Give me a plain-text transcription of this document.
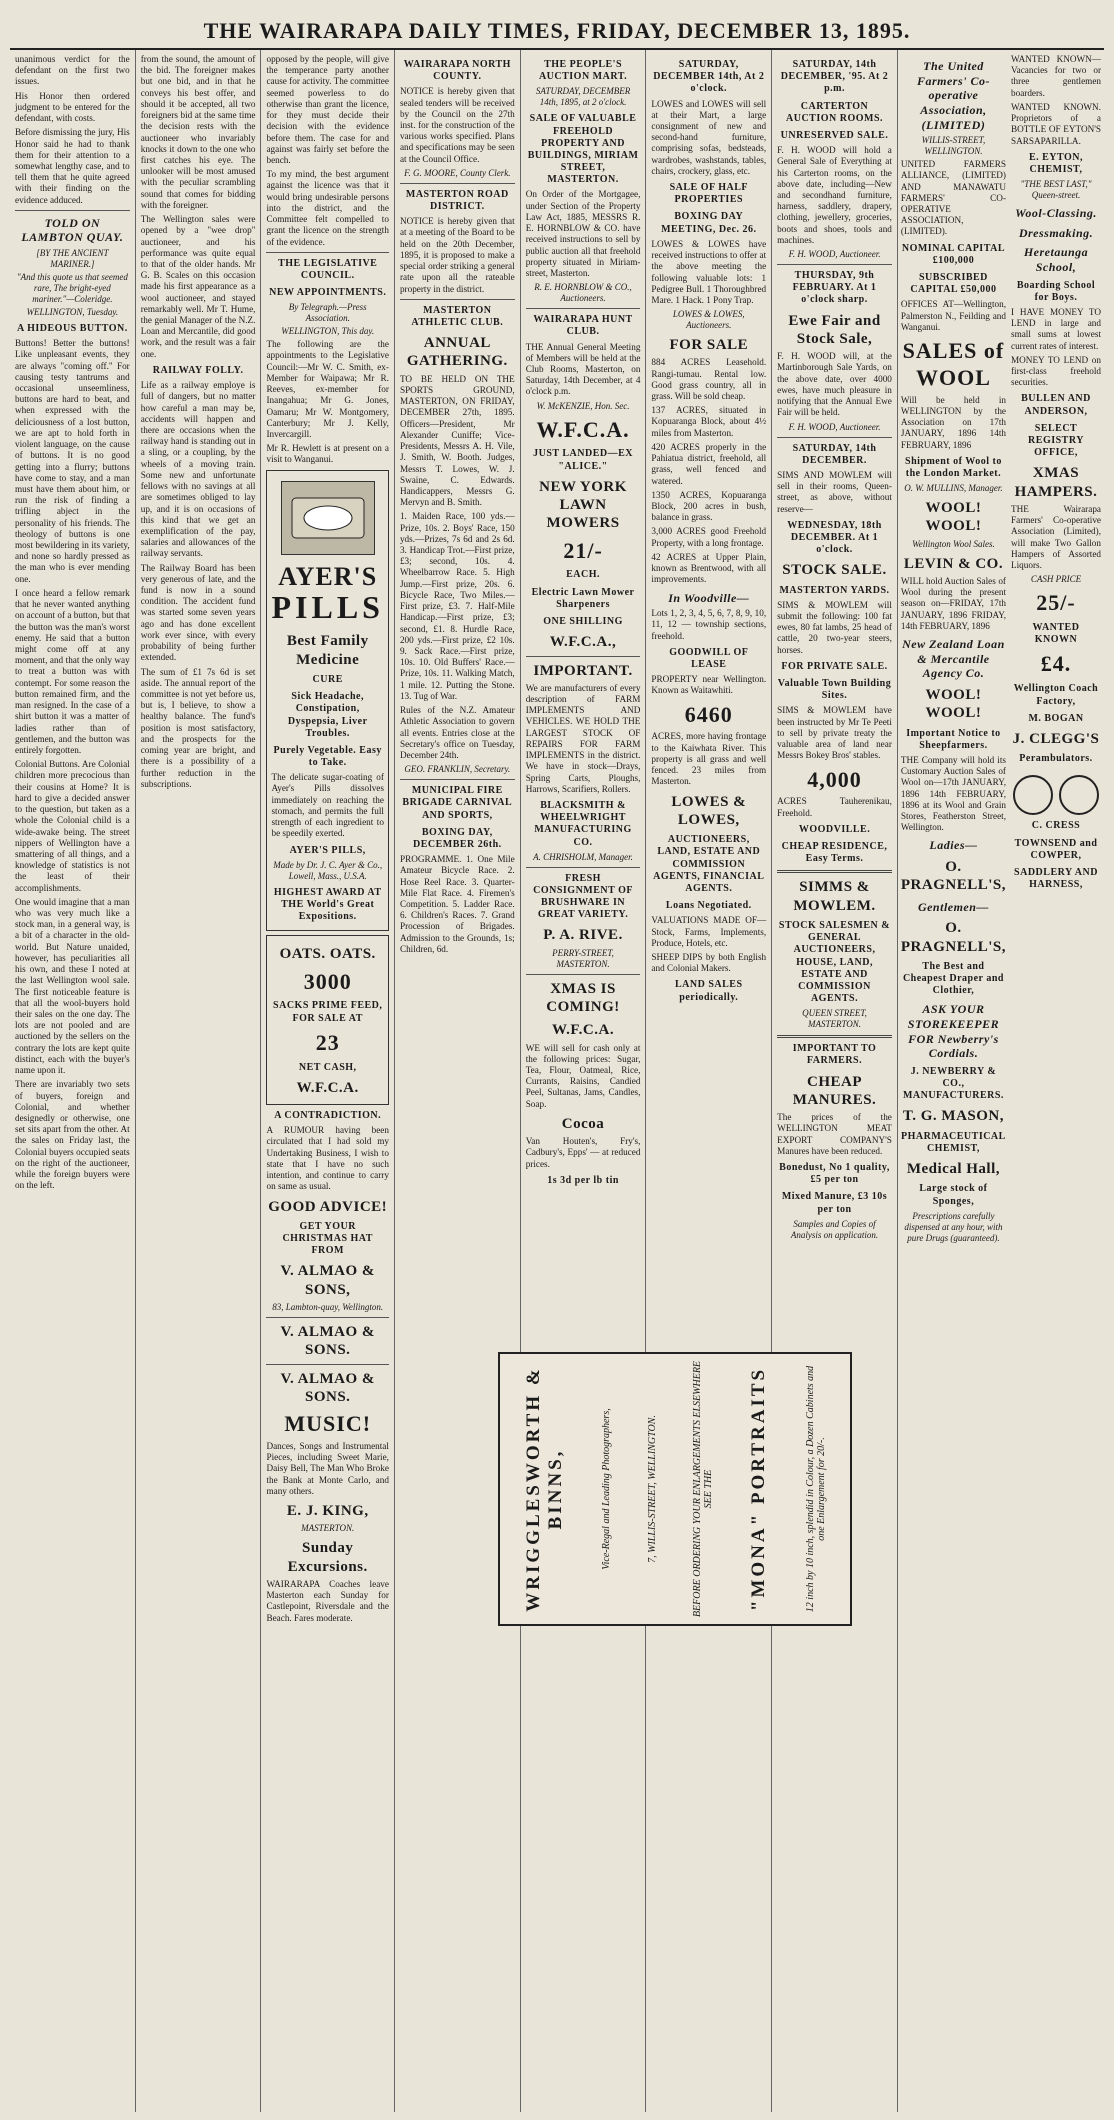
THE WAIRARAPA DAILY TIMES, FRIDAY, DECEMBER 13, 1895.

unanimous verdict for the defendant on the first two issues.

His Honor then ordered judgment to be entered for the defendant, with costs.

Before dismissing the jury, His Honor said he had to thank them for their attention to a somewhat lengthy case, and to tell them that he quite agreed with their finding on the evidence adduced.

TOLD ON LAMBTON QUAY.
[BY THE ANCIENT MARINER.]
"And this quote us that seemed rare, The bright-eyed mariner."—Coleridge.
WELLINGTON, Tuesday.
A HIDEOUS BUTTON.

Buttons! Better the buttons! Like unpleasant events, they are always "coming off." For causing testy tantrums and occasional unseemliness, buttons are hard to beat, and when expressed with the deliciousness of a lost button, we are apt to hold forth in violent language, on the cause of buttons. It is no good getting into a flurry; buttons have come to stay, and a man must have them about him, or run the risk of finding a trifling abject in the personality of his friends. The theology of buttons is one most bewildering in its variety, and none so hardly pressed as the man who is ever mending one.

I once heard a fellow remark that he never wanted anything on account of a button, but that the button was the man's worst enemy. He said that a button might come off at any moment, and that the only way to treat a button was with contempt. For some reason the button remained firm, and the man resigned. In the case of a shirt button it was a matter of ladies rather than of gentlemen, and the button was entirely forgotten.

Colonial Buttons. Are Colonial children more precocious than their cousins at Home? It is hard to give a decided answer to the question, but taken as a whole the Colonial child is a wide-awake being. The street nippers of Wellington have a smattering of all things, and a knowledge of statistics is not the least of their accomplishments.

One would imagine that a man who was very much like a stock man, in a general way, is a bit of a character in the old-world. But Nature unaided, however, has peculiarities all his own, and these I noted at the last Wellington wool sale. The first noticeable feature is that all the wool-buyers hold their sales on the one day. The lots are not pooled and are auctioned by the sellers on the contrary the lots are kept quite distinct, each with the buyer's name upon it.

There are invariably two sets of buyers, foreign and Colonial, and whether designedly or otherwise, one set sits apart from the other. At the sales on Friday last, the Colonial buyers occupied seats on the right of the auctioneer, while the foreign buyers were on the left.

from the sound, the amount of the bid. The foreigner makes but one bid, and in that he conveys his best offer, and should it be accepted, all two foreigners bid at the same time the decision rests with the auctioneer who invariably knocks it down to the one who first catches his eye. The unlooker will be most amused with the peculiar scrambling sound that comes for bidding with the foreigner.

The Wellington sales were opened by a "wee drop" auctioneer, and his performance was quite equal to that of the older hands. Mr G. B. Scales on this occasion made his first appearance as a wool auctioneer, and stayed remarkably well. Mr T. Hume, the genial Manager of the N.Z. Loan and Mercantile, did good work, and the result was a fair one.

RAILWAY FOLLY.

Life as a railway employe is full of dangers, but no matter how careful a man may be, accidents will happen and there are occasions when the railway hand is standing out in a sling, or a coupling, by the wheels of a moving train. Some new and unfortunate fellows with no savings at all are sometimes obliged to lay up, and it is on occasions of this kind that we get an exemplification of the pay, salaries and allowances of the railway servants.

The Railway Board has been very generous of late, and the fund is now in a sound condition. The accident fund was started some seven years ago and has done excellent work ever since, with every probability of being further extended.

The sum of £1 7s 6d is set aside. The annual report of the committee is not yet before us, but is, I believe, to show a healthy balance. The fund's position is most satisfactory, and the prospects for the coming year are bright, and there is a possibility of a further reduction in the subscriptions.

opposed by the people, will give the temperance party another cause for activity. The committee seemed powerless to do otherwise than grant the licence, for they must decide their decision with the evidence before them. The case for and against was fairly set before the bench.

To my mind, the best argument against the licence was that it would bring undesirable persons into the district, and the Committee felt compelled to grant the licence on the strength of the evidence.

THE LEGISLATIVE COUNCIL.
NEW APPOINTMENTS.
By Telegraph.—Press Association.
WELLINGTON, This day.

The following are the appointments to the Legislative Council:—Mr W. C. Smith, ex-Member for Waipawa; Mr R. Reeves, ex-member for Inangahua; Mr G. Jones, Oamaru; Mr W. Montgomery, Canterbury; Mr J. Kelly, Invercargill.

Mr R. Hewlett is at present on a visit to Wanganui.

AYER'S
PILLS
Best Family Medicine
CURE
Sick Headache, Constipation, Dyspepsia, Liver Troubles.
Purely Vegetable. Easy to Take.

The delicate sugar-coating of Ayer's Pills dissolves immediately on reaching the stomach, and permits the full strength of each ingredient to be speedily exerted.

AYER'S PILLS,
Made by Dr. J. C. Ayer & Co., Lowell, Mass., U.S.A.
HIGHEST AWARD AT THE World's Great Expositions.
OATS. OATS.
3000
SACKS PRIME FEED, FOR SALE AT
23
NET CASH,
W.F.C.A.
A CONTRADICTION.

A RUMOUR having been circulated that I had sold my Undertaking Business, I wish to state that I have no such intention, and continue to carry on same as usual.

GOOD ADVICE!
GET YOUR CHRISTMAS HAT FROM
V. ALMAO & SONS,
83, Lambton-quay, Wellington.
V. ALMAO & SONS.
V. ALMAO & SONS.
MUSIC!

Dances, Songs and Instrumental Pieces, including Sweet Marie, Daisy Bell, The Man Who Broke the Bank at Monte Carlo, and many others.

E. J. KING,
MASTERTON.
Sunday Excursions.

WAIRARAPA Coaches leave Masterton each Sunday for Castlepoint, Riversdale and the Beach. Fares moderate.

WAIRARAPA NORTH COUNTY.

NOTICE is hereby given that sealed tenders will be received by the Council on the 27th inst. for the construction of the various works specified. Plans and specifications may be seen at the Council Office.

F. G. MOORE, County Clerk.
MASTERTON ROAD DISTRICT.

NOTICE is hereby given that at a meeting of the Board to be held on the 20th December, 1895, it is proposed to make a special order striking a general rate upon all the rateable property in the district.

MASTERTON ATHLETIC CLUB.
ANNUAL GATHERING.

TO BE HELD ON THE SPORTS GROUND, MASTERTON, ON FRIDAY, DECEMBER 27th, 1895. Officers—President, Mr Alexander Cuniffe; Vice-Presidents, Messrs A. H. Vile, J. Smith, W. Booth. Judges, Messrs T. Lowes, W. J. Swaine, C. Edwards. Handicappers, Messrs G. Mervyn and B. Smith.

1. Maiden Race, 100 yds.—Prize, 10s. 2. Boys' Race, 150 yds.—Prizes, 7s 6d and 2s 6d. 3. Handicap Trot.—First prize, £3; second, 10s. 4. Wheelbarrow Race. 5. High Jump.—First prize, 20s. 6. Bicycle Race, Two Miles.—First prize, £3. 7. Half-Mile Handicap.—First prize, £3; second, £1. 8. Hurdle Race, 200 yds.—First prize, £2 10s. 9. Sack Race.—First prize, 10s. 10. Old Buffers' Race.—Prize, 10s. 11. Walking Match, 1 mile. 12. Putting the Stone. 13. Tug of War.

Rules of the N.Z. Amateur Athletic Association to govern all events. Entries close at the Secretary's office on Tuesday, December 24th.

GEO. FRANKLIN, Secretary.
MUNICIPAL FIRE BRIGADE CARNIVAL AND SPORTS,
BOXING DAY, DECEMBER 26th.

PROGRAMME. 1. One Mile Amateur Bicycle Race. 2. Hose Reel Race. 3. Quarter-Mile Flat Race. 4. Firemen's Competition. 5. Ladder Race. 6. Children's Races. 7. Grand Procession of Brigades. Admission to the Grounds, 1s; Children, 6d.

THE PEOPLE'S AUCTION MART.
SATURDAY, DECEMBER 14th, 1895, at 2 o'clock.
SALE OF VALUABLE FREEHOLD PROPERTY AND BUILDINGS, MIRIAM STREET, MASTERTON.

On Order of the Mortgagee, under Section of the Property Law Act, 1885, MESSRS R. E. HORNBLOW & CO. have received instructions to sell by public auction all that freehold property situated in Miriam-street, Masterton.

R. E. HORNBLOW & CO., Auctioneers.
WAIRARAPA HUNT CLUB.

THE Annual General Meeting of Members will be held at the Club Rooms, Masterton, on Saturday, 14th December, at 4 o'clock p.m.

W. McKENZIE, Hon. Sec.
W.F.C.A.
JUST LANDED—EX "ALICE."
NEW YORK LAWN MOWERS
21/-
EACH.
Electric Lawn Mower Sharpeners
ONE SHILLING
W.F.C.A.,
IMPORTANT.

We are manufacturers of every description of FARM IMPLEMENTS AND VEHICLES. WE HOLD THE LARGEST STOCK OF REPAIRS FOR FARM IMPLEMENTS in the district. We have in stock—Drays, Spring Carts, Ploughs, Harrows, Scarifiers, Rollers.

BLACKSMITH & WHEELWRIGHT MANUFACTURING CO.
A. CHRISHOLM, Manager.
FRESH CONSIGNMENT OF BRUSHWARE IN GREAT VARIETY.
P. A. RIVE.
PERRY-STREET, MASTERTON.
XMAS IS COMING!
W.F.C.A.

WE will sell for cash only at the following prices: Sugar, Tea, Flour, Oatmeal, Rice, Currants, Raisins, Candied Peel, Sultanas, Jams, Candles, Soap.

Cocoa

Van Houten's, Fry's, Cadbury's, Epps' — at reduced prices.

1s 3d per lb tin
SATURDAY, DECEMBER 14th, At 2 o'clock.

LOWES and LOWES will sell at their Mart, a large consignment of new and second-hand furniture, comprising sofas, bedsteads, wardrobes, washstands, tables, chairs, crockery, glass, etc.

SALE OF HALF PROPERTIES
BOXING DAY MEETING, Dec. 26.

LOWES & LOWES have received instructions to offer at the above meeting the following valuable lots: 1 Pedigree Bull. 1 Thoroughbred Mare. 1 Hack. 1 Pony Trap.

LOWES & LOWES, Auctioneers.
FOR SALE

884 ACRES Leasehold. Rangi-tumau. Rental low. Good grass country, all in grass. Will be sold cheap.

137 ACRES, situated in Kopuaranga Block, about 4½ miles from Masterton.

420 ACRES properly in the Pahiatua district, freehold, all grass, well fenced and watered.

1350 ACRES, Kopuaranga Block, 200 acres in bush, balance in grass.

3,000 ACRES good Freehold Property, with a long frontage.

42 ACRES at Upper Plain, known as Brentwood, with all improvements.

In Woodville—

Lots 1, 2, 3, 4, 5, 6, 7, 8, 9, 10, 11, 12 — township sections, freehold.

GOODWILL OF LEASE

PROPERTY near Wellington. Known as Waitawhiti.

6460

ACRES, more having frontage to the Kaiwhata River. This property is all grass and well fenced. 23 miles from Masterton.

LOWES & LOWES,
AUCTIONEERS, LAND, ESTATE AND COMMISSION AGENTS, FINANCIAL AGENTS.
Loans Negotiated.

VALUATIONS MADE OF—Stock, Farms, Implements, Produce, Hotels, etc.

SHEEP DIPS by both English and Colonial Makers.

LAND SALES periodically.
SATURDAY, 14th DECEMBER, '95. At 2 p.m.
CARTERTON AUCTION ROOMS.
UNRESERVED SALE.

F. H. WOOD will hold a General Sale of Everything at his Carterton rooms, on the above date, including—New and secondhand furniture, harness, saddlery, drapery, clothing, jewellery, groceries, boots and shoes, tools and machines.

F. H. WOOD, Auctioneer.
THURSDAY, 9th FEBRUARY. At 1 o'clock sharp.
Ewe Fair and Stock Sale,

F. H. WOOD will, at the Martinborough Sale Yards, on the above date, over 4000 ewes, have much pleasure in notifying that the Annual Ewe Fair will be held.

F. H. WOOD, Auctioneer.
SATURDAY, 14th DECEMBER.

SIMS AND MOWLEM will sell in their rooms, Queen-street, as above, without reserve—

WEDNESDAY, 18th DECEMBER. At 1 o'clock.
STOCK SALE.
MASTERTON YARDS.

SIMS & MOWLEM will submit the following: 100 fat ewes, 80 fat lambs, 25 head of cattle, 20 two-year steers, horses.

FOR PRIVATE SALE.
Valuable Town Building Sites.

SIMS & MOWLEM have been instructed by Mr Te Peeti to sell by private treaty the valuable area of land near Messrs Bokey Bros' stables.

4,000

ACRES Tauherenikau, Freehold.

WOODVILLE.
CHEAP RESIDENCE, Easy Terms.
SIMMS & MOWLEM.
STOCK SALESMEN & GENERAL AUCTIONEERS, HOUSE, LAND, ESTATE AND COMMISSION AGENTS.
QUEEN STREET, MASTERTON.
IMPORTANT TO FARMERS.
CHEAP MANURES.

The prices of the WELLINGTON MEAT EXPORT COMPANY'S Manures have been reduced.

Bonedust, No 1 quality, £5 per ton
Mixed Manure, £3 10s per ton
Samples and Copies of Analysis on application.
The United Farmers' Co-operative Association, (LIMITED)
WILLIS-STREET, WELLINGTON.

UNITED FARMERS ALLIANCE, (LIMITED) AND MANAWATU FARMERS' CO-OPERATIVE ASSOCIATION, (LIMITED).

NOMINAL CAPITAL £100,000
SUBSCRIBED CAPITAL £50,000

OFFICES AT—Wellington, Palmerston N., Feilding and Wanganui.

SALES of WOOL

Will be held in WELLINGTON by the Association on 17th JANUARY, 1896 14th FEBRUARY, 1896

Shipment of Wool to the London Market.
O. W. MULLINS, Manager.
WOOL! WOOL!
Wellington Wool Sales.
LEVIN & CO.

WILL hold Auction Sales of Wool during the present season on—FRIDAY, 17th JANUARY, 1896 FRIDAY, 14th FEBRUARY, 1896

New Zealand Loan & Mercantile Agency Co.
WOOL! WOOL!
Important Notice to Sheepfarmers.

THE Company will hold its Customary Auction Sales of Wool on—17th JANUARY, 1896 14th FEBRUARY, 1896 at its Wool and Grain Stores, Featherston Street, Wellington.

Ladies—
O. PRAGNELL'S,
Gentlemen—
O. PRAGNELL'S,
The Best and Cheapest Draper and Clothier,
ASK YOUR STOREKEEPER FOR Newberry's Cordials.
J. NEWBERRY & CO., MANUFACTURERS.
T. G. MASON,
PHARMACEUTICAL CHEMIST,
Medical Hall,
Large stock of Sponges,
Prescriptions carefully dispensed at any hour, with pure Drugs (guaranteed).

WANTED KNOWN—Vacancies for two or three gentlemen boarders.

WANTED KNOWN. Proprietors of a BOTTLE OF EYTON'S SARSAPARILLA.

E. EYTON, CHEMIST,
"THE BEST LAST," Queen-street.
Wool-Classing.
Dressmaking.
Heretaunga School,
Boarding School for Boys.

I HAVE MONEY TO LEND in large and small sums at lowest current rates of interest.

MONEY TO LEND on first-class freehold securities.

BULLEN AND ANDERSON,
SELECT REGISTRY OFFICE,
XMAS HAMPERS.

THE Wairarapa Farmers' Co-operative Association (Limited), will make Two Gallon Hampers of Assorted Liquors.

CASH PRICE
25/-
WANTED KNOWN
£4.
Wellington Coach Factory,
M. BOGAN
J. CLEGG'S
Perambulators.
C. CRESS
TOWNSEND and COWPER,
SADDLERY AND HARNESS,
WRIGGLESWORTH & BINNS,	Vice-Regal and Leading Photographers,	7, WILLIS-STREET, WELLINGTON.	BEFORE ORDERING YOUR ENLARGEMENTS ELSEWHERE SEE THE "MONA" PORTRAITS	12 inch by 10 inch, splendid in Colour, a Dozen Cabinets and one Enlargement for 20/-.
